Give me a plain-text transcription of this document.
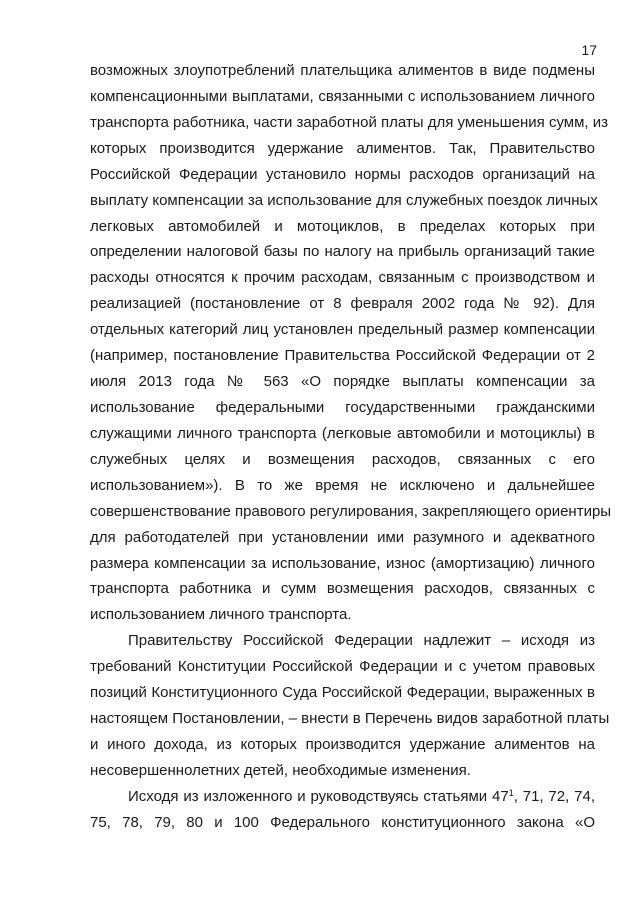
17
возможных злоупотреблений плательщика алиментов в виде подмены
компенсационными выплатами, связанными с использованием личного
транспорта работника, части заработной платы для уменьшения сумм, из
которых производится удержание алиментов. Так, Правительство
Российской Федерации установило нормы расходов организаций на
выплату компенсации за использование для служебных поездок личных
легковых автомобилей и мотоциклов, в пределах которых при
определении налоговой базы по налогу на прибыль организаций такие
расходы относятся к прочим расходам, связанным с производством и
реализацией (постановление от 8 февраля 2002 года № 92). Для
отдельных категорий лиц установлен предельный размер компенсации
(например, постановление Правительства Российской Федерации от 2
июля 2013 года № 563 «О порядке выплаты компенсации за
использование федеральными государственными гражданскими
служащими личного транспорта (легковые автомобили и мотоциклы) в
служебных целях и возмещения расходов, связанных с его
использованием»). В то же время не исключено и дальнейшее
совершенствование правового регулирования, закрепляющего ориентиры
для работодателей при установлении ими разумного и адекватного
размера компенсации за использование, износ (амортизацию) личного
транспорта работника и сумм возмещения расходов, связанных с
использованием личного транспорта.
Правительству Российской Федерации надлежит – исходя из
требований Конституции Российской Федерации и с учетом правовых
позиций Конституционного Суда Российской Федерации, выраженных в
настоящем Постановлении, – внести в Перечень видов заработной платы
и иного дохода, из которых производится удержание алиментов на
несовершеннолетних детей, необходимые изменения.
Исходя из изложенного и руководствуясь статьями $47^1$, 71, 72, 74,
75, 78, 79, 80 и 100 Федерального конституционного закона «О
